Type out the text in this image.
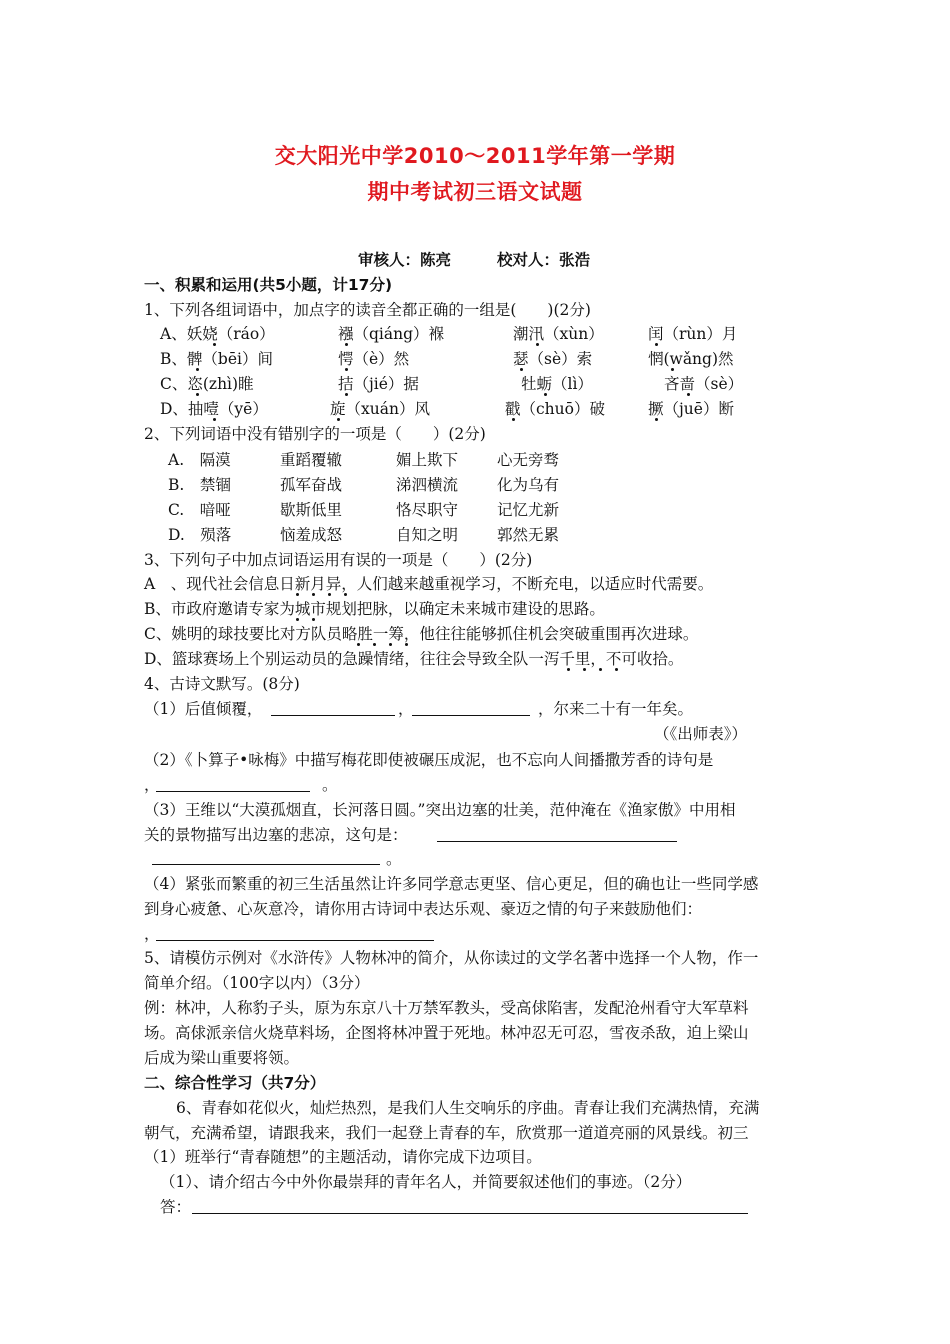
交大阳光中学2010～2011学年第一学期
期中考试初三语文试题
审核人：陈亮	校对人：张浩
一、积累和运用(共5小题，计17分)
1、下列各组词语中，加点字的读音全都正确的一组是(　　)(2分)
A、妖娆（ráo）	襁（qiáng）褓	潮汛（xùn）	闰（rùn）月
B、髀（bēi）间	愕（è）然	瑟（sè）索	惘(wǎng)然
C、恣(zhì)睢	拮（jié）据	牡蛎（lì）	吝啬（sè）
D、抽噎（yē）	旋（xuán）风	戳（chuō）破	撅（juē）断
2、下列词语中没有错别字的一项是（　　）(2分)
A.　隔漠	重蹈覆辙	媚上欺下	心无旁骛
B.　禁锢	孤军奋战	涕泗横流	化为乌有
C.　喑哑	歇斯低里	恪尽职守	记忆尤新
D.　殒落	恼羞成怒	自知之明	郭然无累
3、下列句子中加点词语运用有误的一项是（　　）(2分)
A　、现代社会信息日新月异，人们越来越重视学习，不断充电，以适应时代需要。
B、市政府邀请专家为城市规划把脉，以确定未来城市建设的思路。
C、姚明的球技要比对方队员略胜一筹，他往往能够抓住机会突破重围再次进球。
D、篮球赛场上个别运动员的急躁情绪，往往会导致全队一泻千里，不可收拾。
4、古诗文默写。(8分)
（1）后值倾覆，	，	，尔来二十有一年矣。
（《出师表》）
（2）《卜算子•咏梅》中描写梅花即使被碾压成泥，也不忘向人间播撒芳香的诗句是
，	。
（3）王维以“大漠孤烟直，长河落日圆。”突出边塞的壮美，范仲淹在《渔家傲》中用相
关的景物描写出边塞的悲凉，这句是：
。
（4）紧张而繁重的初三生活虽然让许多同学意志更坚、信心更足，但的确也让一些同学感
到身心疲惫、心灰意冷，请你用古诗词中表达乐观、豪迈之情的句子来鼓励他们：
，
5、请模仿示例对《水浒传》人物林冲的简介，从你读过的文学名著中选择一个人物，作一
简单介绍。（100字以内）（3分）
例：林冲，人称豹子头，原为东京八十万禁军教头，受高俅陷害，发配沧州看守大军草料
场。高俅派亲信火烧草料场，企图将林冲置于死地。林冲忍无可忍，雪夜杀敌，迫上梁山
后成为梁山重要将领。
二、综合性学习（共7分）
6、青春如花似火，灿烂热烈，是我们人生交响乐的序曲。青春让我们充满热情，充满
朝气，充满希望，请跟我来，我们一起登上青春的车，欣赏那一道道亮丽的风景线。初三
（1）班举行“青春随想”的主题活动，请你完成下边项目。
（1）、请介绍古今中外你最崇拜的青年名人，并简要叙述他们的事迹。（2分）
答：
